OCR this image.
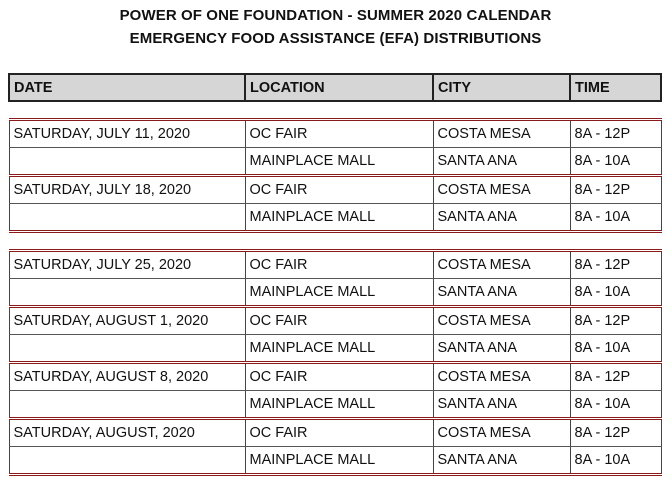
POWER OF ONE FOUNDATION - SUMMER 2020 CALENDAR
EMERGENCY FOOD ASSISTANCE (EFA) DISTRIBUTIONS
DATE	LOCATION	CITY	TIME

SATURDAY, JULY 11, 2020	OC FAIR	COSTA MESA	8A - 12P
	MAINPLACE MALL	SANTA ANA	8A - 10A
SATURDAY, JULY 18, 2020	OC FAIR	COSTA MESA	8A - 12P
	MAINPLACE MALL	SANTA ANA	8A - 10A

SATURDAY, JULY 25, 2020	OC FAIR	COSTA MESA	8A - 12P
	MAINPLACE MALL	SANTA ANA	8A - 10A
SATURDAY, AUGUST 1, 2020	OC FAIR	COSTA MESA	8A - 12P
	MAINPLACE MALL	SANTA ANA	8A - 10A
SATURDAY, AUGUST 8, 2020	OC FAIR	COSTA MESA	8A - 12P
	MAINPLACE MALL	SANTA ANA	8A - 10A
SATURDAY, AUGUST, 2020	OC FAIR	COSTA MESA	8A - 12P
	MAINPLACE MALL	SANTA ANA	8A - 10A
